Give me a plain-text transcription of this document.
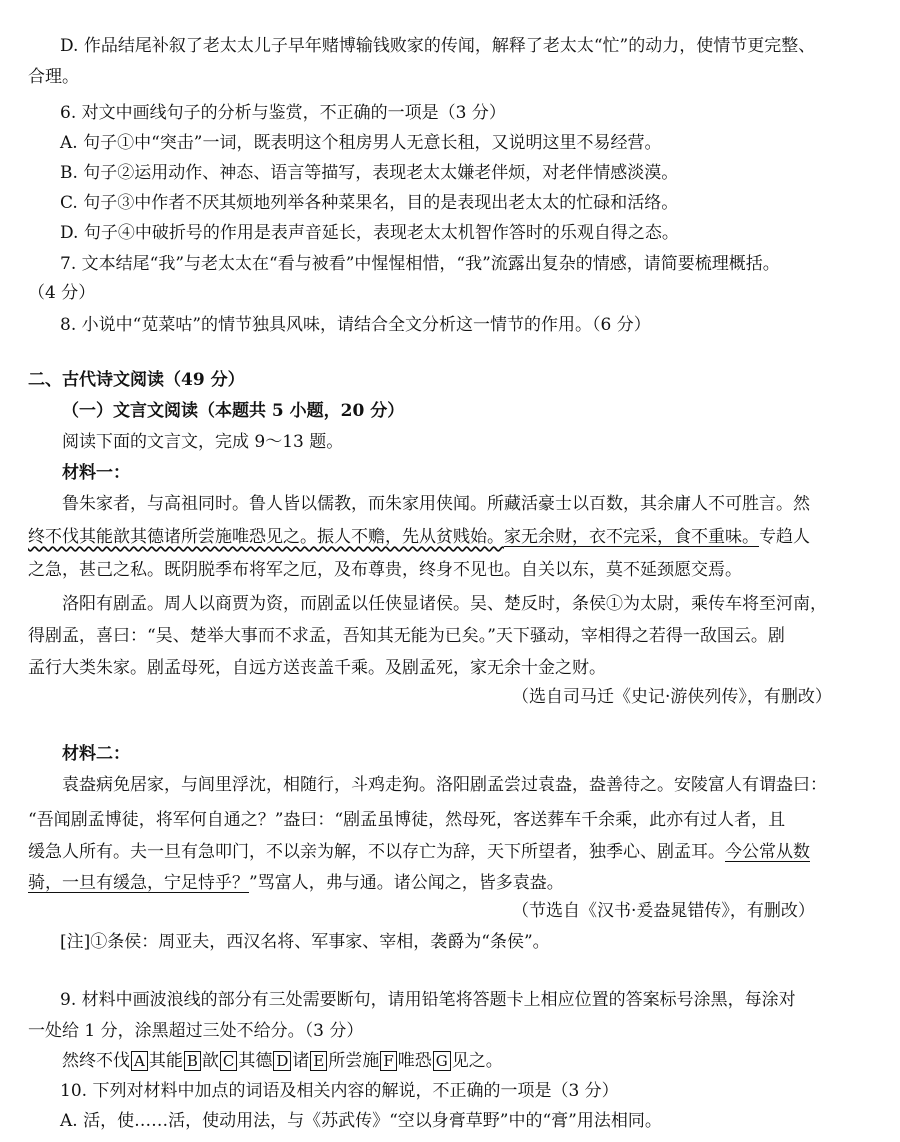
D. 作品结尾补叙了老太太儿子早年赌博输钱败家的传闻，解释了老太太“忙”的动力，使情节更完整、
合理。
6. 对文中画线句子的分析与鉴赏，不正确的一项是（3 分）
A. 句子①中“突击”一词，既表明这个租房男人无意长租，又说明这里不易经营。
B. 句子②运用动作、神态、语言等描写，表现老太太嫌老伴烦，对老伴情感淡漠。
C. 句子③中作者不厌其烦地列举各种菜果名，目的是表现出老太太的忙碌和活络。
D. 句子④中破折号的作用是表声音延长，表现老太太机智作答时的乐观自得之态。
7. 文本结尾“我”与老太太在“看与被看”中惺惺相惜，“我”流露出复杂的情感，请简要梳理概括。
（4 分）
8. 小说中“苋菜咕”的情节独具风味，请结合全文分析这一情节的作用。（6 分）
二、古代诗文阅读（49 分）
（一）文言文阅读（本题共 5 小题，20 分）
阅读下面的文言文，完成 9～13 题。
材料一：
鲁朱家者，与高祖同时。鲁人皆以儒教，而朱家用侠闻。所藏活豪士以百数，其余庸人不可胜言。然
终不伐其能歆其德诸所尝施唯恐见之。振人不赡，先从贫贱始。家无余财，衣不完采，食不重味。专趋人
之急，甚己之私。既阴脱季布将军之厄，及布尊贵，终身不见也。自关以东，莫不延颈愿交焉。
洛阳有剧孟。周人以商贾为资，而剧孟以任侠显诸侯。吴、楚反时，条侯①为太尉，乘传车将至河南，
得剧孟，喜曰：“吴、楚举大事而不求孟，吾知其无能为已矣。”天下骚动，宰相得之若得一敌国云。剧
孟行大类朱家。剧孟母死，自远方送丧盖千乘。及剧孟死，家无余十金之财。
（选自司马迁《史记·游侠列传》，有删改）
材料二：
袁盎病免居家，与闾里浮沈，相随行，斗鸡走狗。洛阳剧孟尝过袁盎，盎善待之。安陵富人有谓盎曰：
“吾闻剧孟博徒，将军何自通之？”盎曰：“剧孟虽博徒，然母死，客送葬车千余乘，此亦有过人者，且
缓急人所有。夫一旦有急叩门，不以亲为解，不以存亡为辞，天下所望者，独季心、剧孟耳。今公常从数
骑，一旦有缓急，宁足恃乎？”骂富人，弗与通。诸公闻之，皆多袁盎。
（节选自《汉书·爰盎晁错传》，有删改）
[注]①条侯：周亚夫，西汉名将、军事家、宰相，袭爵为“条侯”。
9. 材料中画波浪线的部分有三处需要断句，请用铅笔将答题卡上相应位置的答案标号涂黑，每涂对
一处给 1 分，涂黑超过三处不给分。（3 分）
然终不伐 A 其能 B 歆 C 其德 D 诸 E 所尝施 F 唯恐 G 见之。
10. 下列对材料中加点的词语及相关内容的解说，不正确的一项是（3 分）
A. 活，使……活，使动用法，与《苏武传》“空以身膏草野”中的“膏”用法相同。
